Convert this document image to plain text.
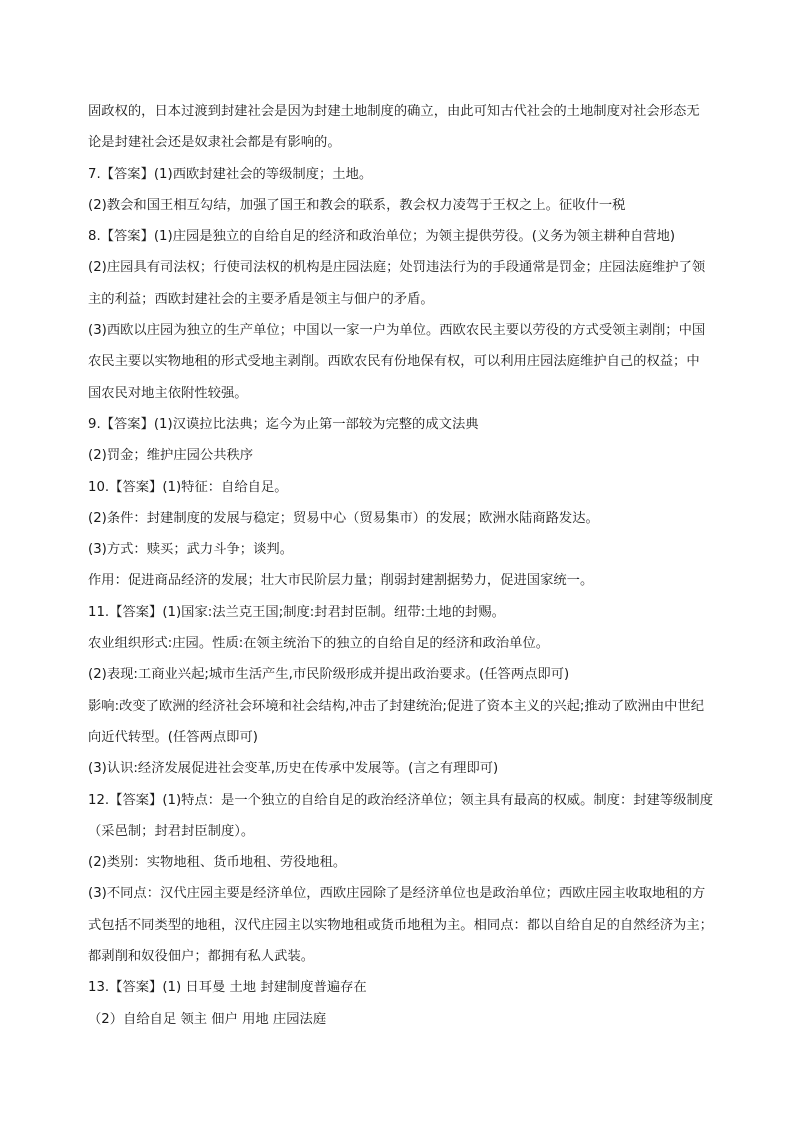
固政权的，日本过渡到封建社会是因为封建土地制度的确立，由此可知古代社会的土地制度对社会形态无
论是封建社会还是奴隶社会都是有影响的。
7.【答案】(1)西欧封建社会的等级制度；土地。
(2)教会和国王相互勾结，加强了国王和教会的联系，教会权力凌驾于王权之上。征收什一税
8.【答案】(1)庄园是独立的自给自足的经济和政治单位；为领主提供劳役。(义务为领主耕种自营地)
(2)庄园具有司法权；行使司法权的机构是庄园法庭；处罚违法行为的手段通常是罚金；庄园法庭维护了领
主的利益；西欧封建社会的主要矛盾是领主与佃户的矛盾。
(3)西欧以庄园为独立的生产单位；中国以一家一户为单位。西欧农民主要以劳役的方式受领主剥削；中国
农民主要以实物地租的形式受地主剥削。西欧农民有份地保有权，可以利用庄园法庭维护自己的权益；中
国农民对地主依附性较强。
9.【答案】(1)汉谟拉比法典；迄今为止第一部较为完整的成文法典
(2)罚金；维护庄园公共秩序
10.【答案】(1)特征：自给自足。
(2)条件：封建制度的发展与稳定；贸易中心（贸易集市）的发展；欧洲水陆商路发达。
(3)方式：赎买；武力斗争；谈判。
作用：促进商品经济的发展；壮大市民阶层力量；削弱封建割据势力，促进国家统一。
11.【答案】(1)国家:法兰克王国;制度:封君封臣制。纽带:土地的封赐。
农业组织形式:庄园。性质:在领主统治下的独立的自给自足的经济和政治单位。
(2)表现:工商业兴起;城市生活产生,市民阶级形成并提出政治要求。(任答两点即可)
影响:改变了欧洲的经济社会环境和社会结构,冲击了封建统治;促进了资本主义的兴起;推动了欧洲由中世纪
向近代转型。(任答两点即可)
(3)认识:经济发展促进社会变革,历史在传承中发展等。(言之有理即可)
12.【答案】(1)特点：是一个独立的自给自足的政治经济单位；领主具有最高的权威。制度：封建等级制度
（采邑制；封君封臣制度）。
(2)类别：实物地租、货币地租、劳役地租。
(3)不同点：汉代庄园主要是经济单位，西欧庄园除了是经济单位也是政治单位；西欧庄园主收取地租的方
式包括不同类型的地租，汉代庄园主以实物地租或货币地租为主。相同点：都以自给自足的自然经济为主；
都剥削和奴役佃户；都拥有私人武装。
13.【答案】(1) 日耳曼 土地 封建制度普遍存在
（2）自给自足 领主 佃户 用地 庄园法庭
